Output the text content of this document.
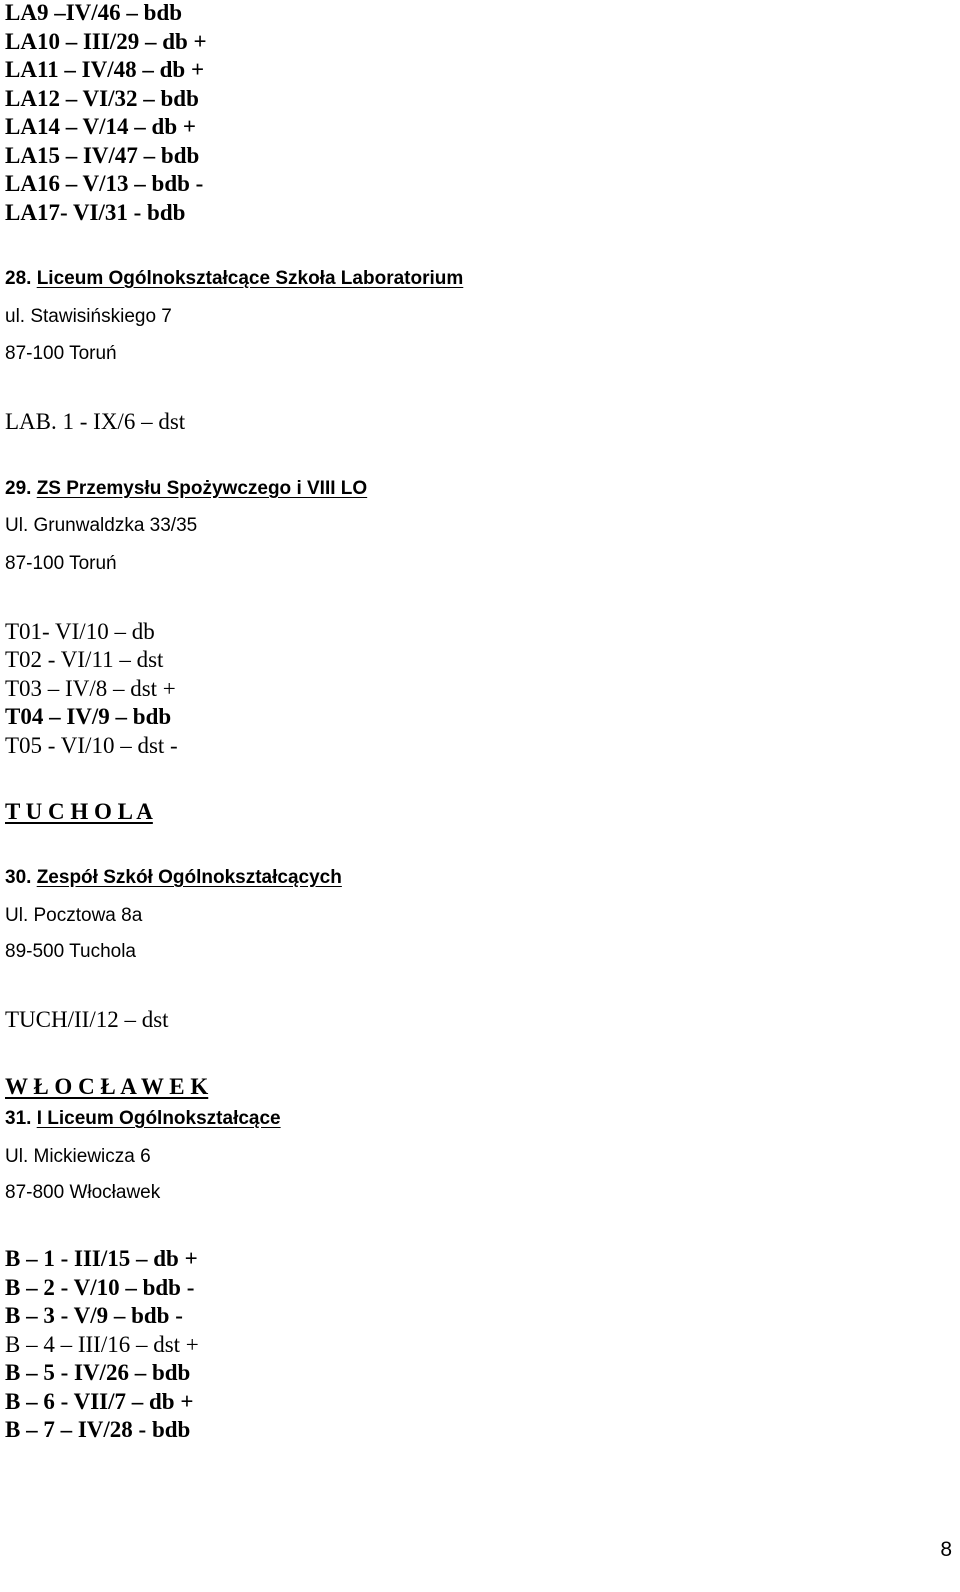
LA9 –IV/46 – bdb
LA10 – III/29 – db +
LA11 – IV/48 – db +
LA12 – VI/32 – bdb
LA14 – V/14 – db +
LA15 – IV/47 – bdb
LA16 – V/13 – bdb -
LA17- VI/31 - bdb
28. Liceum Ogólnokształcące Szkoła Laboratorium
ul. Stawisińskiego 7
87-100 Toruń
LAB. 1 - IX/6 – dst
29. ZS Przemysłu Spożywczego i VIII LO
Ul. Grunwaldzka 33/35
87-100 Toruń
T01- VI/10 – db
T02 - VI/11 – dst
T03 – IV/8 – dst +
T04 – IV/9 – bdb
T05 - VI/10 – dst -
T U C H O L A
30. Zespół Szkół Ogólnokształcących
Ul. Pocztowa 8a
89-500 Tuchola
TUCH/II/12 – dst
W Ł O C Ł A W E K
31. I Liceum Ogólnokształcące
Ul. Mickiewicza 6
87-800 Włocławek
B – 1 - III/15 – db +
B – 2 - V/10 – bdb -
B – 3 - V/9 – bdb -
B – 4 – III/16 – dst +
B – 5 - IV/26 – bdb
B – 6 - VII/7 – db +
B – 7 – IV/28 - bdb
8
